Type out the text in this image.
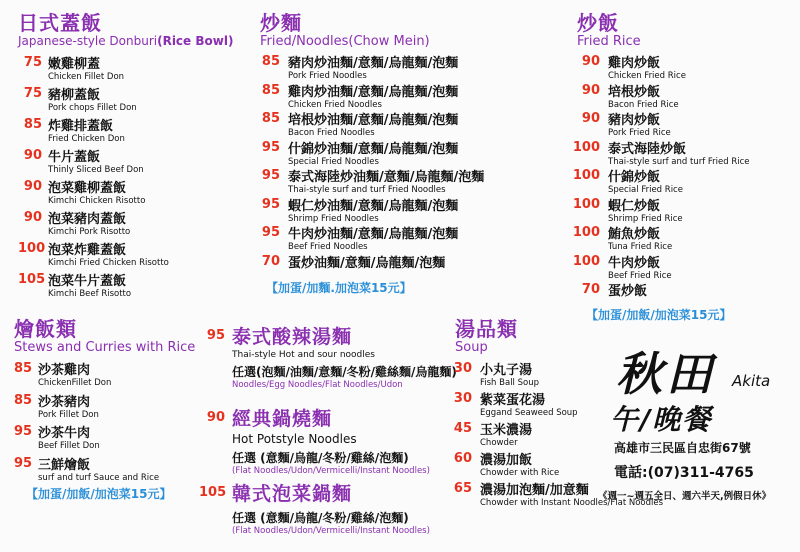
日式蓋飯
Japanese-style Donburi(Rice Bowl)
75 嫩雞柳蓋
Chicken Fillet Don
75 豬柳蓋飯
Pork chops Fillet Don
85 炸雞排蓋飯
Fried Chicken Don
90 牛片蓋飯
Thinly Sliced Beef Don
90 泡菜雞柳蓋飯
Kimchi Chicken Risotto
90 泡菜豬肉蓋飯
Kimchi Pork Risotto
100 泡菜炸雞蓋飯
Kimchi Fried Chicken Risotto
105 泡菜牛片蓋飯
Kimchi Beef Risotto
炒麵
Fried/Noodles(Chow Mein)
85 豬肉炒油麵/意麵/烏龍麵/泡麵
Pork Fried Noodles
85 雞肉炒油麵/意麵/烏龍麵/泡麵
Chicken Fried Noodles
85 培根炒油麵/意麵/烏龍麵/泡麵
Bacon Fried Noodles
95 什錦炒油麵/意麵/烏龍麵/泡麵
Special Fried Noodles
95 泰式海陸炒油麵/意麵/烏龍麵/泡麵
Thai-style surf and turf Fried Noodles
95 蝦仁炒油麵/意麵/烏龍麵/泡麵
Shrimp Fried Noodles
95 牛肉炒油麵/意麵/烏龍麵/泡麵
Beef Fried Noodles
70 蛋炒油麵/意麵/烏龍麵/泡麵
【加蛋/加麵.加泡菜15元】
炒飯
Fried Rice
90 雞肉炒飯
Chicken Fried Rice
90 培根炒飯
Bacon Fried Rice
90 豬肉炒飯
Pork Fried Rice
100 泰式海陸炒飯
Thai-style surf and turf Fried Rice
100 什錦炒飯
Special Fried Rice
100 蝦仁炒飯
Shrimp Fried Rice
100 鮪魚炒飯
Tuna Fried Rice
100 牛肉炒飯
Beef Fried Rice
70 蛋炒飯
【加蛋/加飯/加泡菜15元】
燴飯類
Stews and Curries with Rice
85 沙茶雞肉
ChickenFillet Don
85 沙茶豬肉
Pork Fillet Don
95 沙茶牛肉
Beef Fillet Don
95 三鮮燴飯
surf and turf Sauce and Rice
【加蛋/加飯/加泡菜15元】
95 泰式酸辣湯麵
Thai-style Hot and sour noodles
任選(泡麵/油麵/意麵/冬粉/雞絲麵/烏龍麵)
Noodles/Egg Noodles/Flat Noodles/Udon
90 經典鍋燒麵
Hot Potstyle Noodles
任選 (意麵/烏龍/冬粉/雞絲/泡麵)
(Flat Noodles/Udon/Vermicelli/Instant Noodles)
105 韓式泡菜鍋麵
任選 (意麵/烏龍/冬粉/雞絲/泡麵)
(Flat Noodles/Udon/Vermicelli/Instant Noodles)
湯品類
Soup
30 小丸子湯
Fish Ball Soup
30 紫菜蛋花湯
Eggand Seaweed Soup
45 玉米濃湯
Chowder
60 濃湯加飯
Chowder with Rice
65 濃湯加泡麵/加意麵
Chowder with Instant Noodles/Flat Noodles
秋田 Akita
午/晚餐
高雄市三民區自忠街67號
電話:(07)311-4765
《週一~週五全日、週六半天,例假日休》
